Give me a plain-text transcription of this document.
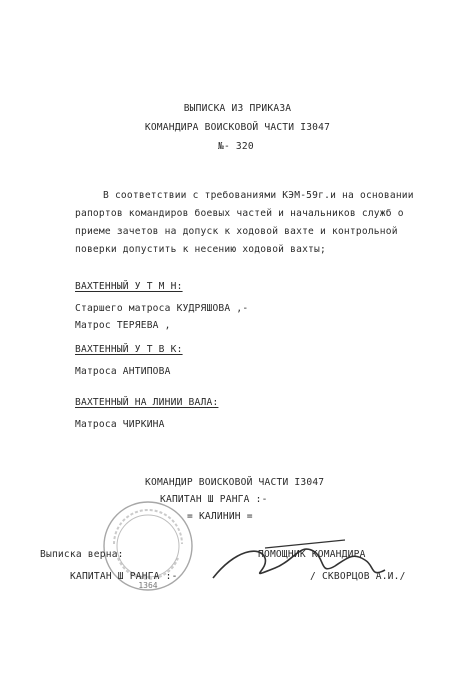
ВЫПИСКА ИЗ ПРИКАЗА
КОМАНДИРА ВОИСКОВОЙ ЧАСТИ I3047
№- 320
В соответствии с требованиями КЭМ-59г.и на основании
рапортов командиров боевых частей и начальников служб о
приеме зачетов на допуск к ходовой вахте и контрольной
поверки допустить к несению ходовой вахты;
ВАХТЕННЫЙ У Т М Н:
Старшего матроса КУДРЯШОВА ,-
Матрос ТЕРЯЕВА ,
ВАХТЕННЫЙ У Т В К:
Матроса АНТИПОВА
ВАХТЕННЫЙ НА ЛИНИИ ВАЛА:
Матроса ЧИРКИНА
КОМАНДИР ВОИСКОВОЙ ЧАСТИ I3047
КАПИТАН Ш РАНГА :-
= КАЛИНИН =
1364
Выписка верна:	ПОМОЩНИК КОМАНДИРА
КАПИТАН Ш РАНГА :-	/ СКВОРЦОВ А.И./
